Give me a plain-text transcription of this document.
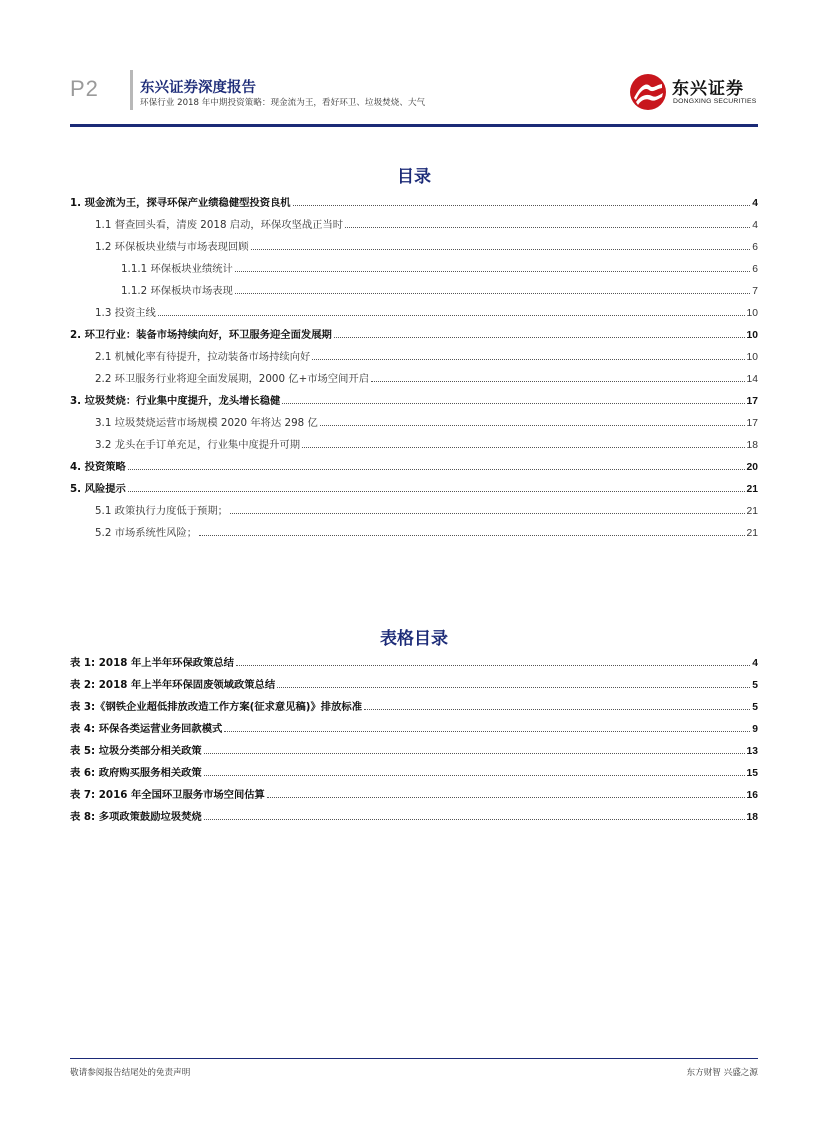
P2	东兴证券深度报告
环保行业 2018 年中期投资策略：现金流为王，看好环卫、垃圾焚烧、大气
东兴证券
DONGXING SECURITIES
目录
1. 现金流为王，探寻环保产业绩稳健型投资良机	4
1.1 督查回头看，清废 2018 启动，环保攻坚战正当时	4
1.2 环保板块业绩与市场表现回顾	6
1.1.1 环保板块业绩统计	6
1.1.2 环保板块市场表现	7
1.3 投资主线	10
2. 环卫行业：装备市场持续向好，环卫服务迎全面发展期	10
2.1 机械化率有待提升，拉动装备市场持续向好	10
2.2 环卫服务行业将迎全面发展期，2000 亿+市场空间开启	14
3. 垃圾焚烧：行业集中度提升，龙头增长稳健	17
3.1 垃圾焚烧运营市场规模 2020 年将达 298 亿	17
3.2 龙头在手订单充足，行业集中度提升可期	18
4. 投资策略	20
5. 风险提示	21
5.1 政策执行力度低于预期；	21
5.2 市场系统性风险；	21
表格目录
表 1: 2018 年上半年环保政策总结	4
表 2: 2018 年上半年环保固废领域政策总结	5
表 3:《钢铁企业超低排放改造工作方案(征求意见稿)》排放标准	5
表 4: 环保各类运营业务回款模式	9
表 5: 垃圾分类部分相关政策	13
表 6: 政府购买服务相关政策	15
表 7: 2016 年全国环卫服务市场空间估算	16
表 8: 多项政策鼓励垃圾焚烧	18
敬请参阅报告结尾处的免责声明	东方财智 兴盛之源
